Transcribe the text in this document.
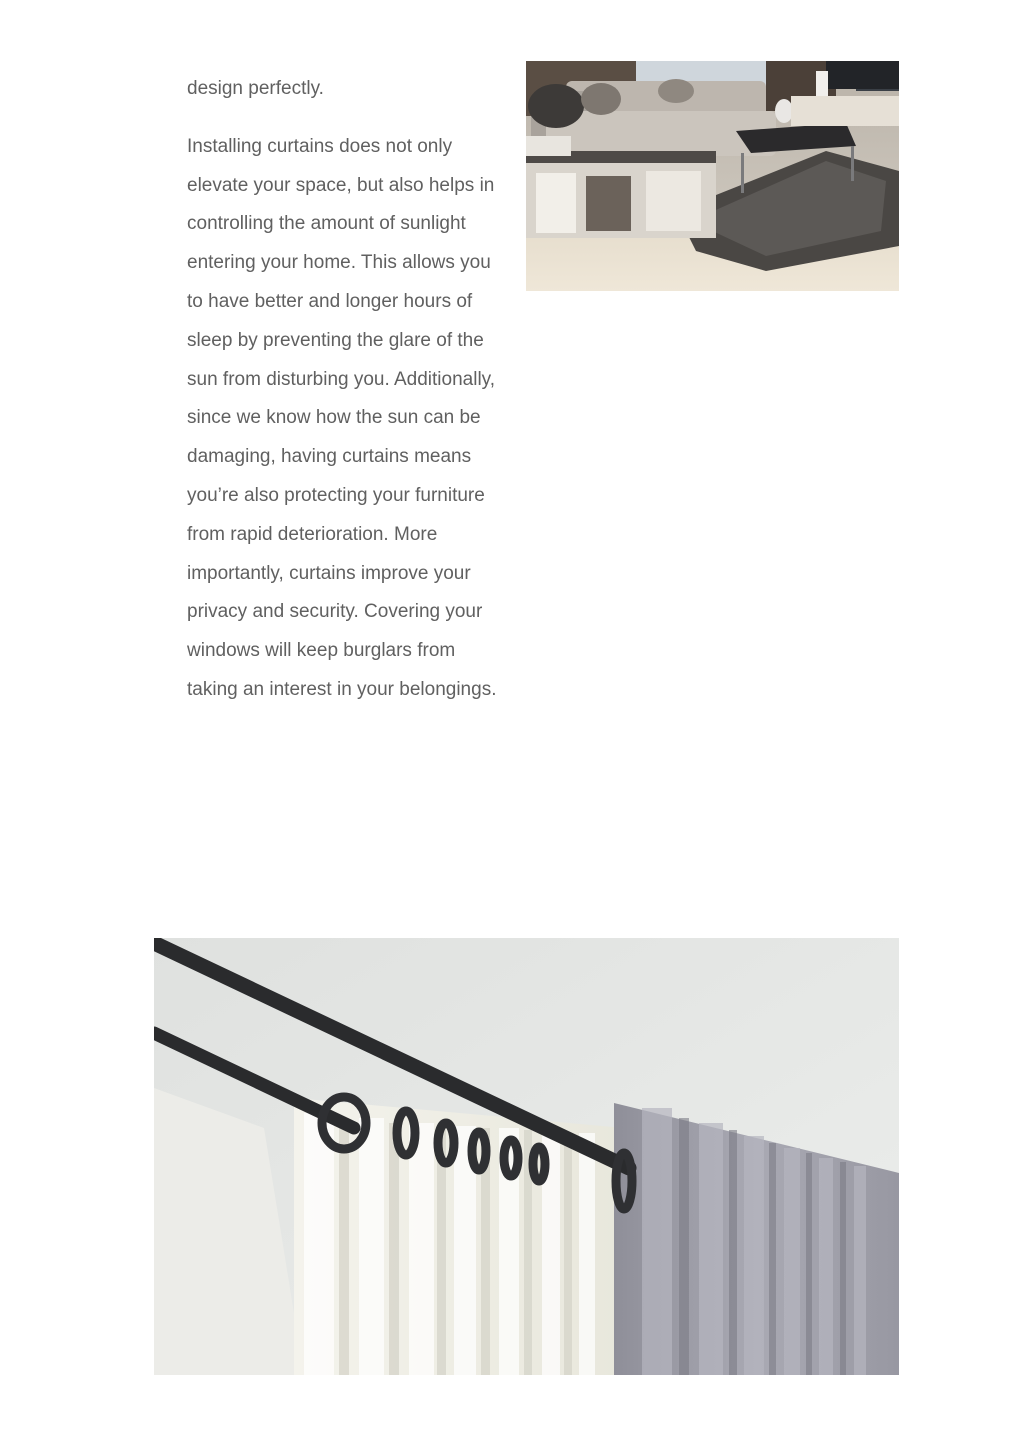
design perfectly.

Installing curtains does not only elevate your space, but also helps in controlling the amount of sunlight entering your home. This allows you to have better and longer hours of sleep by preventing the glare of the sun from disturbing you. Additionally, since we know how the sun can be damaging, having curtains means you’re also protecting your furniture from rapid deterioration. More importantly, curtains improve your privacy and security. Covering your windows will keep burglars from taking an interest in your belongings.
